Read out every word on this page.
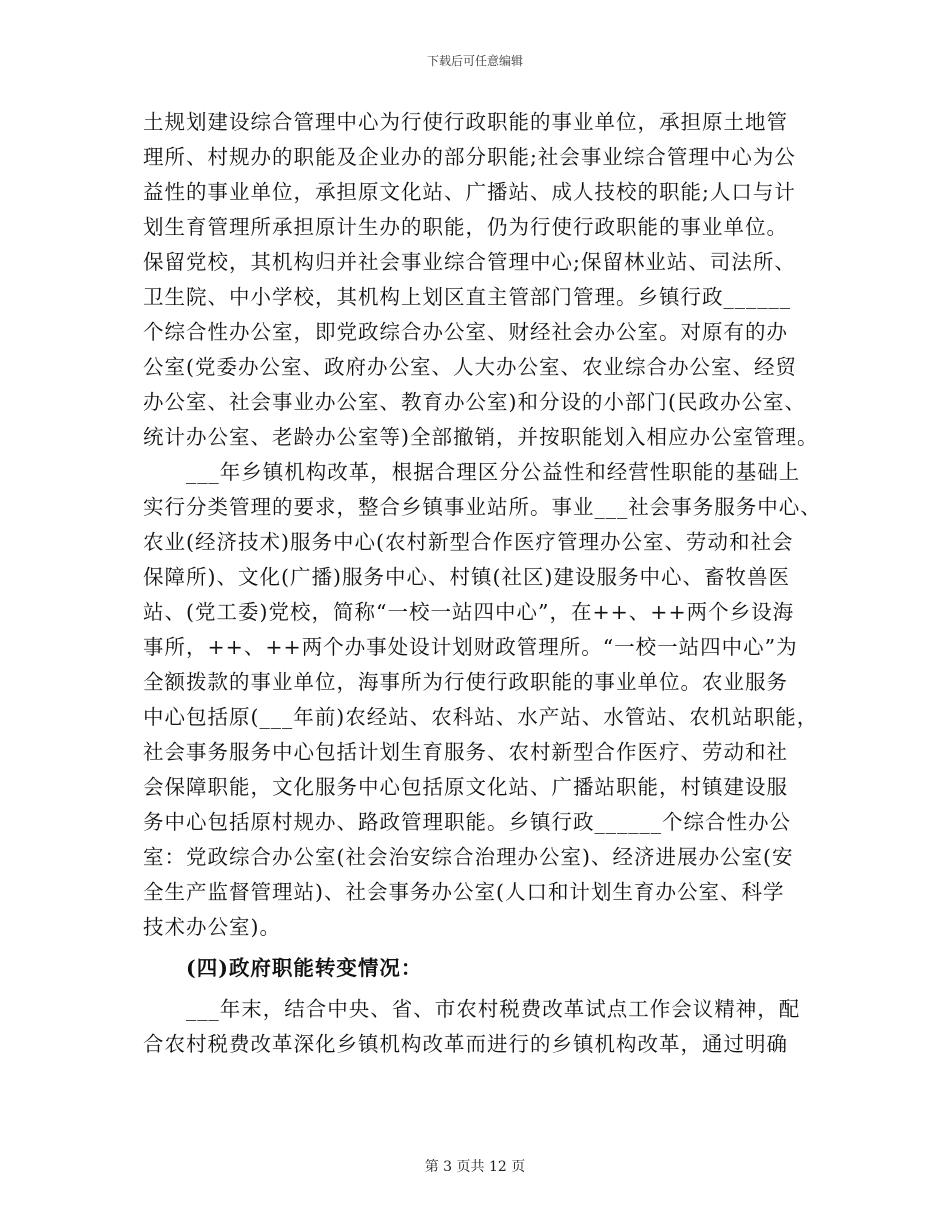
下载后可任意编辑
土规划建设综合管理中心为行使行政职能的事业单位，承担原土地管
理所、村规办的职能及企业办的部分职能;社会事业综合管理中心为公
益性的事业单位，承担原文化站、广播站、成人技校的职能;人口与计
划生育管理所承担原计生办的职能，仍为行使行政职能的事业单位。
保留党校，其机构归并社会事业综合管理中心;保留林业站、司法所、
卫生院、中小学校，其机构上划区直主管部门管理。乡镇行政______
个综合性办公室，即党政综合办公室、财经社会办公室。对原有的办
公室(党委办公室、政府办公室、人大办公室、农业综合办公室、经贸
办公室、社会事业办公室、教育办公室)和分设的小部门(民政办公室、
统计办公室、老龄办公室等)全部撤销，并按职能划入相应办公室管理。
　　___年乡镇机构改革，根据合理区分公益性和经营性职能的基础上
实行分类管理的要求，整合乡镇事业站所。事业___社会事务服务中心、
农业(经济技术)服务中心(农村新型合作医疗管理办公室、劳动和社会
保障所)、文化(广播)服务中心、村镇(社区)建设服务中心、畜牧兽医
站、(党工委)党校，简称“一校一站四中心”，在++、++两个乡设海
事所，++、++两个办事处设计划财政管理所。“一校一站四中心”为
全额拨款的事业单位，海事所为行使行政职能的事业单位。农业服务
中心包括原(___年前)农经站、农科站、水产站、水管站、农机站职能，
社会事务服务中心包括计划生育服务、农村新型合作医疗、劳动和社
会保障职能，文化服务中心包括原文化站、广播站职能，村镇建设服
务中心包括原村规办、路政管理职能。乡镇行政______个综合性办公
室：党政综合办公室(社会治安综合治理办公室)、经济进展办公室(安
全生产监督管理站)、社会事务办公室(人口和计划生育办公室、科学
技术办公室)。
　　(四)政府职能转变情况：
　　___年末，结合中央、省、市农村税费改革试点工作会议精神，配
合农村税费改革深化乡镇机构改革而进行的乡镇机构改革，通过明确
第 3 页共 12 页
